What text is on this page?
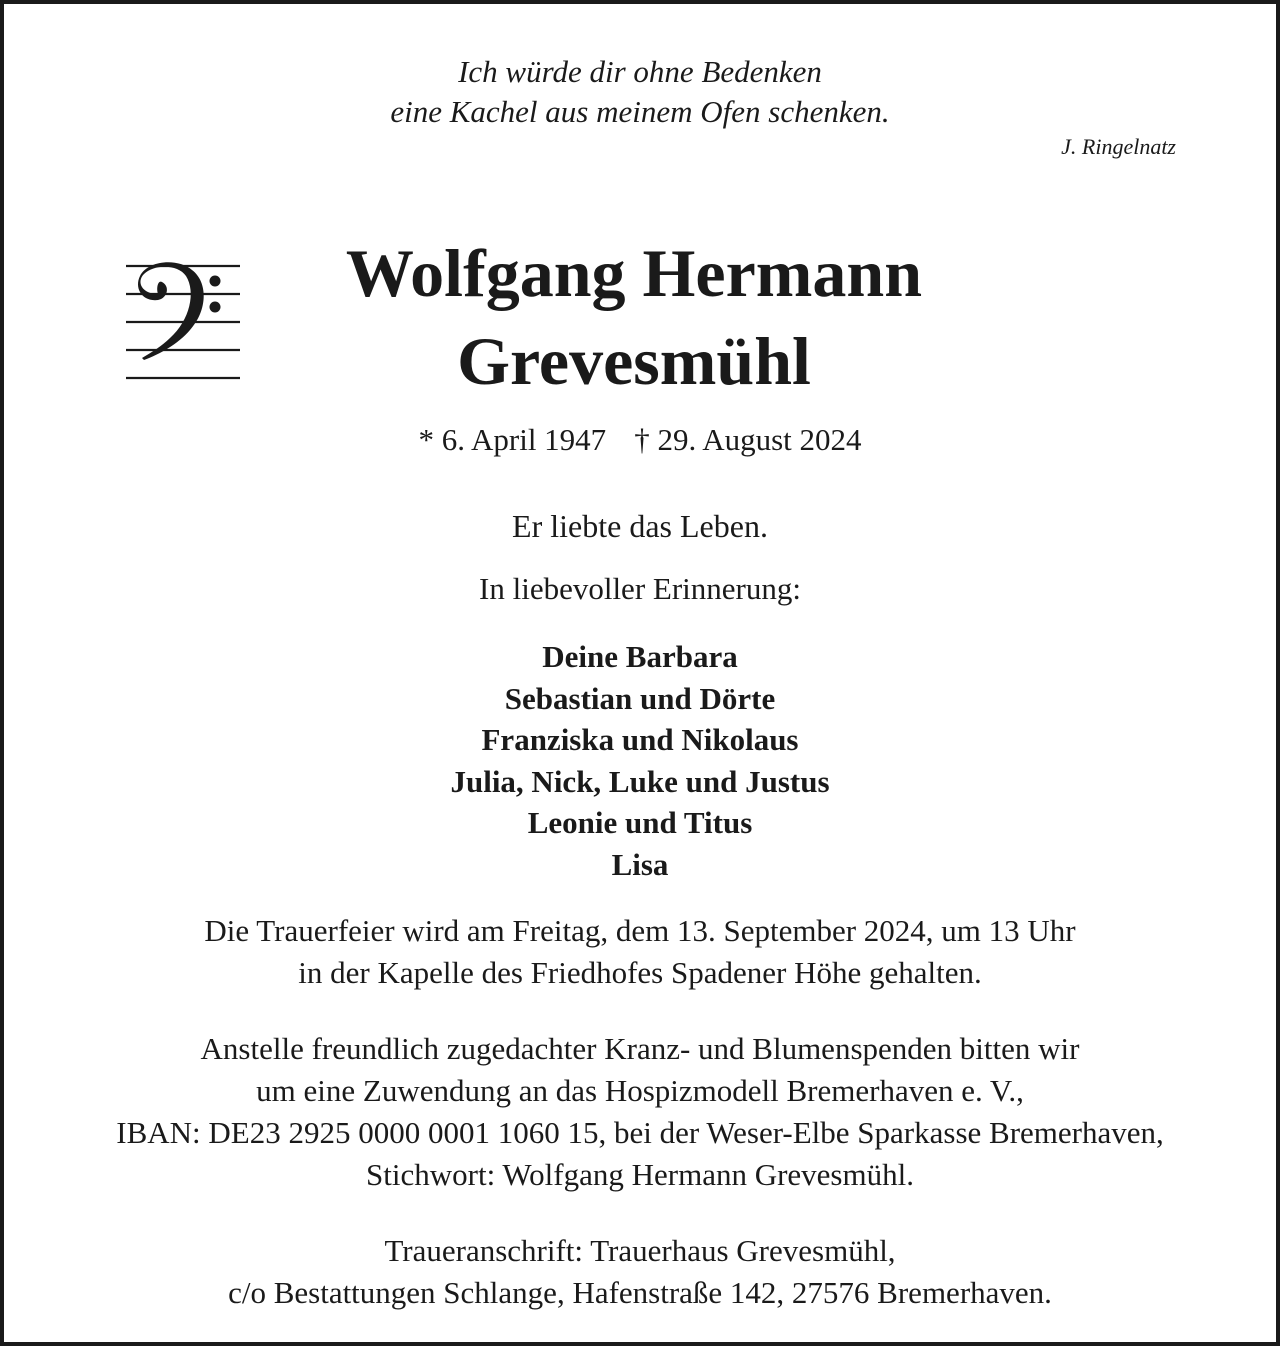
Ich würde dir ohne Bedenken
eine Kachel aus meinem Ofen schenken.
J. Ringelnatz
Wolfgang Hermann
Grevesmühl
* 6. April 1947 † 29. August 2024
Er liebte das Leben.
In liebevoller Erinnerung:
Deine Barbara
Sebastian und Dörte
Franziska und Nikolaus
Julia, Nick, Luke und Justus
Leonie und Titus
Lisa
Die Trauerfeier wird am Freitag, dem 13. September 2024, um 13 Uhr
in der Kapelle des Friedhofes Spadener Höhe gehalten.
Anstelle freundlich zugedachter Kranz- und Blumenspenden bitten wir
um eine Zuwendung an das Hospizmodell Bremerhaven e. V.,
IBAN: DE23 2925 0000 0001 1060 15, bei der Weser-Elbe Sparkasse Bremerhaven,
Stichwort: Wolfgang Hermann Grevesmühl.
Traueranschrift: Trauerhaus Grevesmühl,
c/o Bestattungen Schlange, Hafenstraße 142, 27576 Bremerhaven.
